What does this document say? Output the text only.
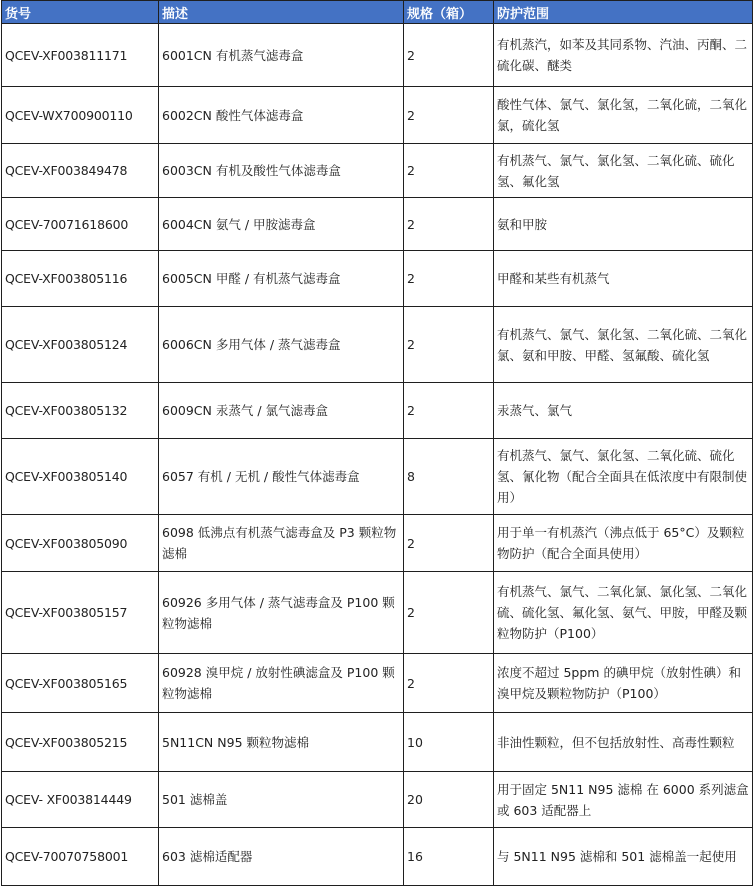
货号	描述	规格（箱）	防护范围
QCEV-XF003811171	6001CN 有机蒸气滤毒盒	2	有机蒸汽，如苯及其同系物、汽油、丙酮、二硫化碳、醚类
QCEV-WX700900110	6002CN 酸性气体滤毒盒	2	酸性气体、氯气、氯化氢，二氧化硫，二氧化氯，硫化氢
QCEV-XF003849478	6003CN 有机及酸性气体滤毒盒	2	有机蒸气、氯气、氯化氢、二氧化硫、硫化氢、氟化氢
QCEV-70071618600	6004CN 氨气 / 甲胺滤毒盒	2	氨和甲胺
QCEV-XF003805116	6005CN 甲醛 / 有机蒸气滤毒盒	2	甲醛和某些有机蒸气
QCEV-XF003805124	6006CN 多用气体 / 蒸气滤毒盒	2	有机蒸气、氯气、氯化氢、二氧化硫、二氧化氯、氨和甲胺、甲醛、氢氟酸、硫化氢
QCEV-XF003805132	6009CN 汞蒸气 / 氯气滤毒盒	2	汞蒸气、氯气
QCEV-XF003805140	6057 有机 / 无机 / 酸性气体滤毒盒	8	有机蒸气、氯气、氯化氢、二氧化硫、硫化氢、氰化物（配合全面具在低浓度中有限制使用）
QCEV-XF003805090	6098 低沸点有机蒸气滤毒盒及 P3 颗粒物滤棉	2	用于单一有机蒸汽（沸点低于 65°C）及颗粒物防护（配合全面具使用）
QCEV-XF003805157	60926 多用气体 / 蒸气滤毒盒及 P100 颗粒物滤棉	2	有机蒸气、氯气、二氧化氯、氯化氢、二氧化硫、硫化氢、氟化氢、氨气、甲胺，甲醛及颗粒物防护（P100）
QCEV-XF003805165	60928 溴甲烷 / 放射性碘滤盒及 P100 颗粒物滤棉	2	浓度不超过 5ppm 的碘甲烷（放射性碘）和溴甲烷及颗粒物防护（P100）
QCEV-XF003805215	5N11CN N95 颗粒物滤棉	10	非油性颗粒，但不包括放射性、高毒性颗粒
QCEV- XF003814449	501 滤棉盖	20	用于固定 5N11 N95 滤棉 在 6000 系列滤盒或 603 适配器上
QCEV-70070758001	603 滤棉适配器	16	与 5N11 N95 滤棉和 501 滤棉盖一起使用
